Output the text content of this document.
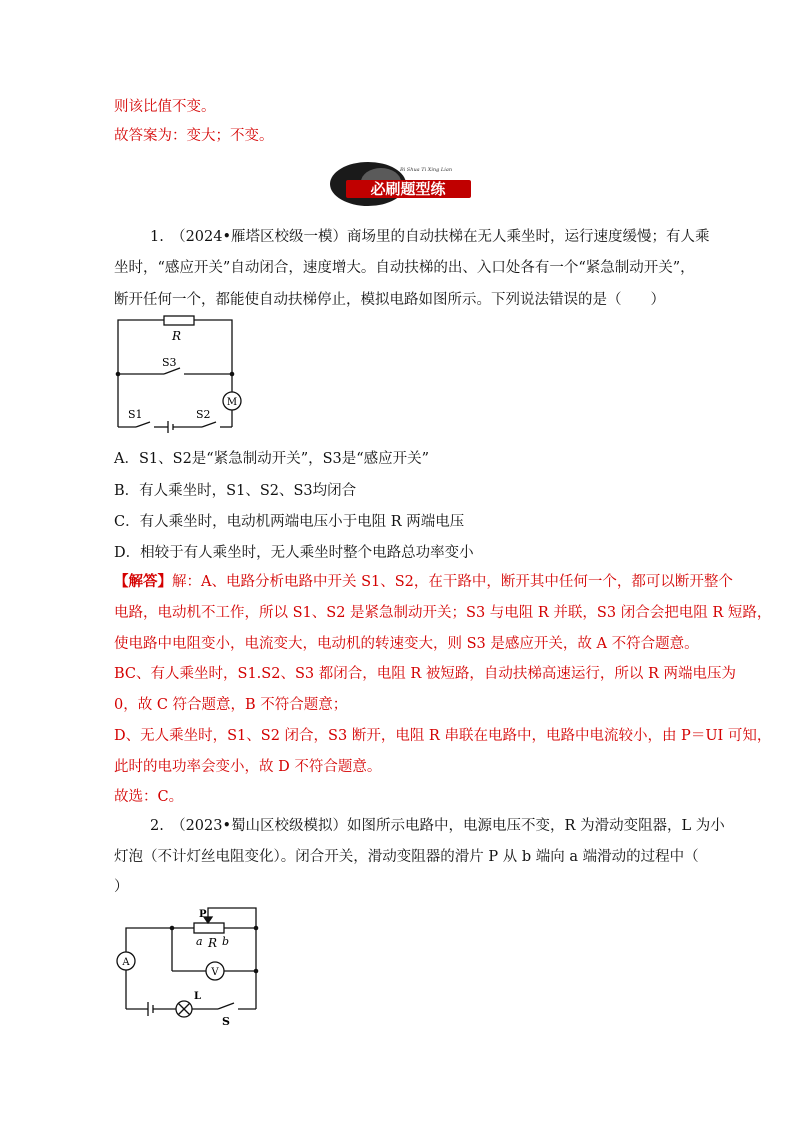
则该比值不变。
故答案为：变大；不变。
必刷题型练
Bi Shua Ti Xing Lian
1.　（2024•雁塔区校级一模）商场里的自动扶梯在无人乘坐时，运行速度缓慢；有人乘
坐时，“感应开关”自动闭合，速度增大。自动扶梯的出、入口处各有一个“紧急制动开关”，
断开任何一个，都能使自动扶梯停止，模拟电路如图所示。下列说法错误的是（　　）
R
S3
S1	S2
M
A．S1、S2是“紧急制动开关”，S3是“感应开关”
B．有人乘坐时，S1、S2、S3均闭合
C．有人乘坐时，电动机两端电压小于电阻 R 两端电压
D．相较于有人乘坐时，无人乘坐时整个电路总功率变小
【解答】解：A、电路分析电路中开关 S1、S2，在干路中，断开其中任何一个，都可以断开整个
电路，电动机不工作，所以 S1、S2 是紧急制动开关；S3 与电阻 R 并联，S3 闭合会把电阻 R 短路，
使电路中电阻变小，电流变大，电动机的转速变大，则 S3 是感应开关，故 A 不符合题意。
BC、有人乘坐时，S1.S2、S3 都闭合，电阻 R 被短路，自动扶梯高速运行，所以 R 两端电压为
0，故 C 符合题意，B 不符合题意；
D、无人乘坐时，S1、S2 闭合，S3 断开，电阻 R 串联在电路中，电路中电流较小，由 P＝UI 可知，
此时的电功率会变小，故 D 不符合题意。
故选：C。
2.　（2023•蜀山区校级模拟）如图所示电路中，电源电压不变，R 为滑动变阻器，L 为小
灯泡（不计灯丝电阻变化）。闭合开关，滑动变阻器的滑片 P 从 b 端向 a 端滑动的过程中（
）
A
V
P
a R b
L
S
